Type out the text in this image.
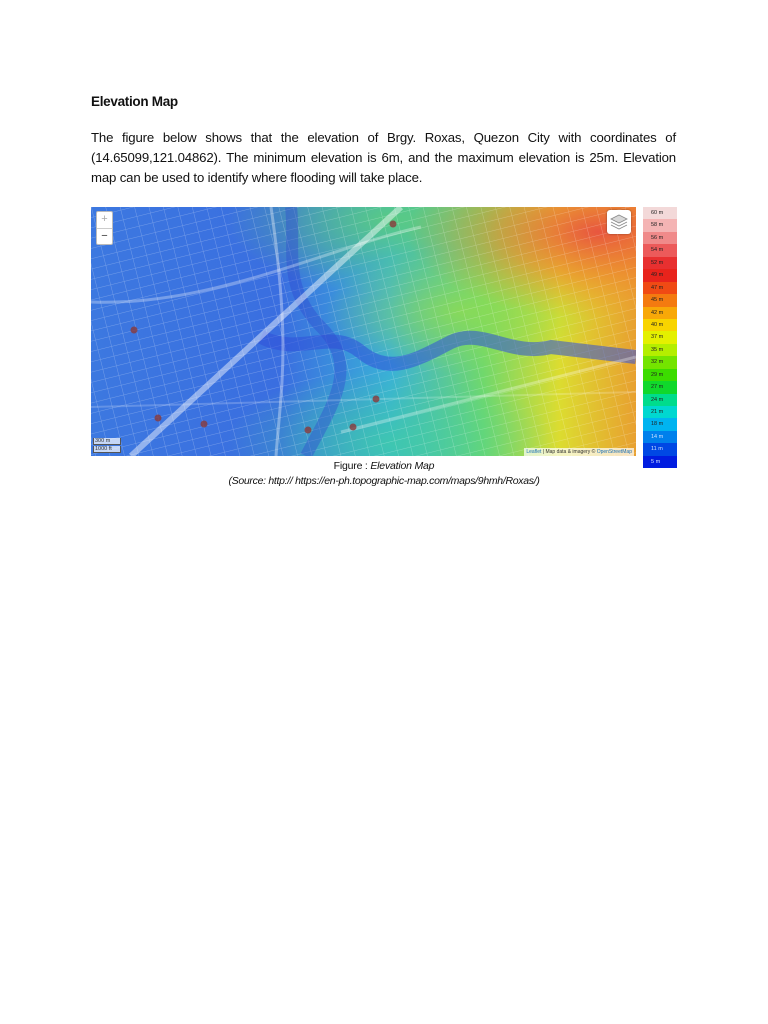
Elevation Map
The figure below shows that the elevation of Brgy. Roxas, Quezon City with coordinates of (14.65099,121.04862). The minimum elevation is 6m, and the maximum elevation is 25m. Elevation map can be used to identify where flooding will take place.
+
−
300 m
1000 ft	Leaflet | Map data & imagery © OpenStreetMap
60 m
58 m
56 m
54 m
52 m
49 m
47 m
45 m
42 m
40 m
37 m
35 m
32 m
29 m
27 m
24 m
21 m
18 m
14 m
11 m
5 m
Figure : Elevation Map
(Source: http:// https://en-ph.topographic-map.com/maps/9hmh/Roxas/)
